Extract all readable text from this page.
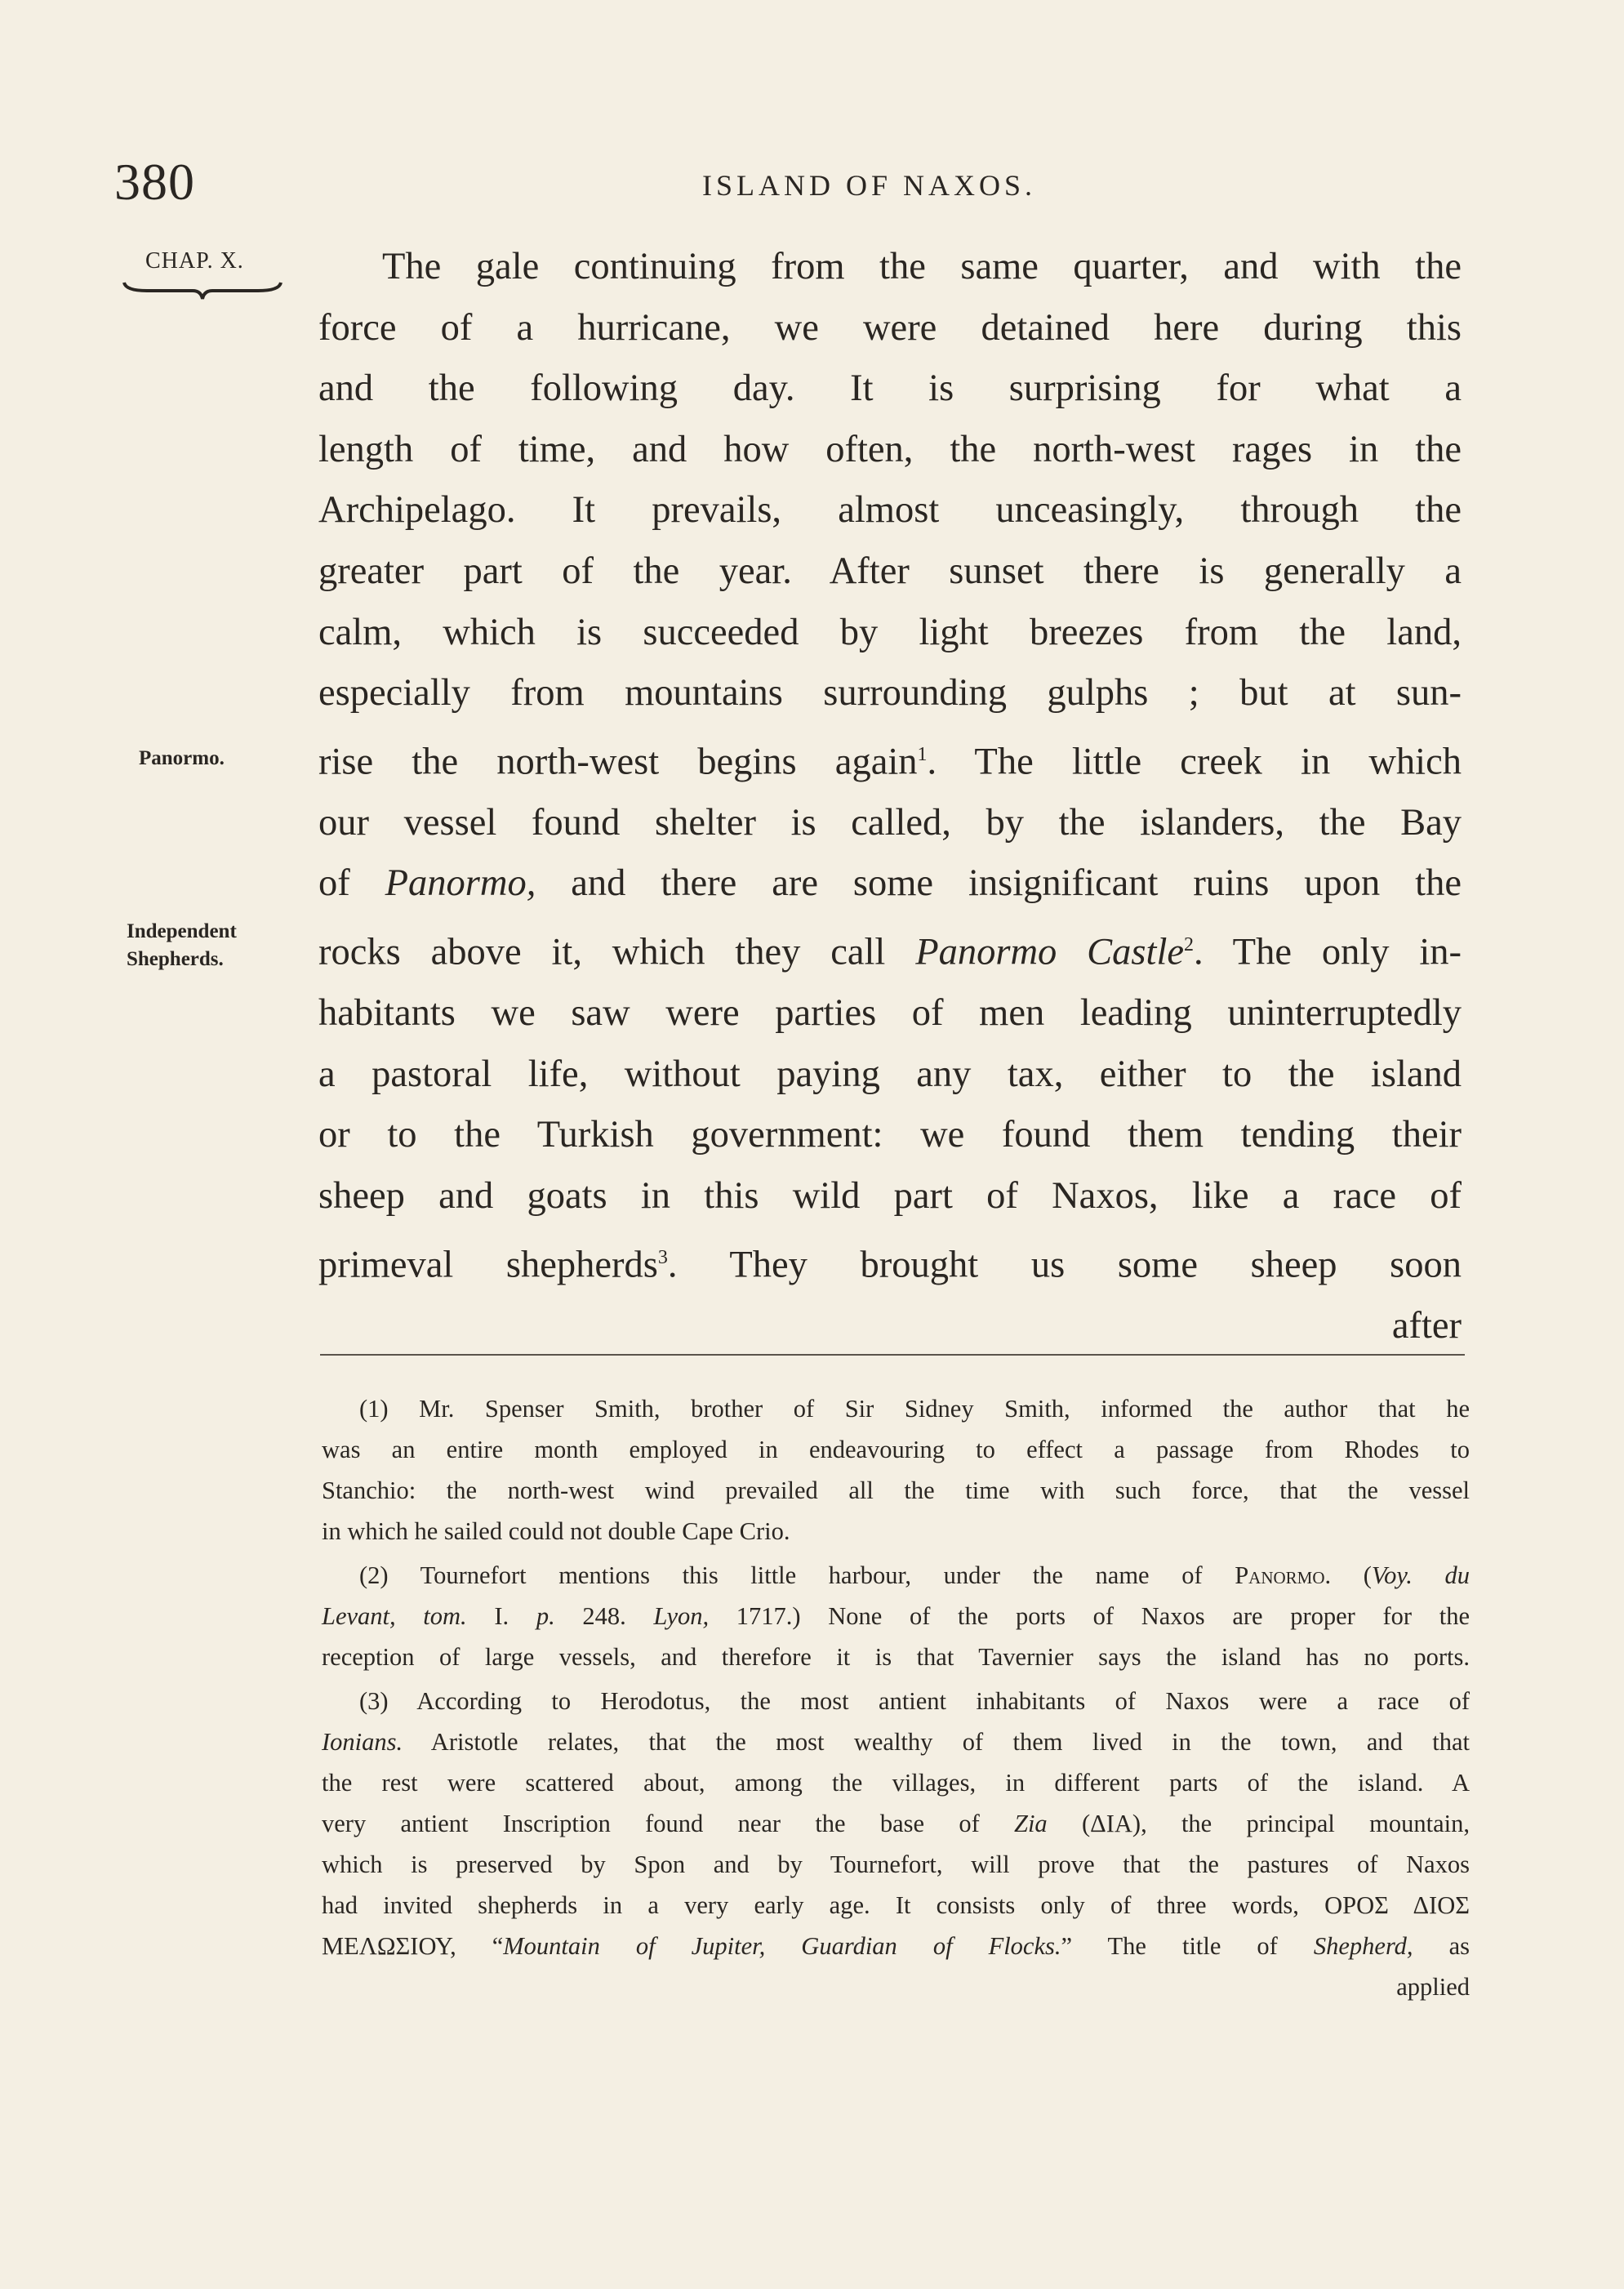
380	ISLAND OF NAXOS.
CHAP. X.
Panormo.
Independent
Shepherds.
The gale continuing from the same quarter, and with the
force of a hurricane, we were detained here during this
and the following day. It is surprising for what a
length of time, and how often, the north-west rages in the
Archipelago. It prevails, almost unceasingly, through the
greater part of the year. After sunset there is generally a
calm, which is succeeded by light breezes from the land,
especially from mountains surrounding gulphs ; but at sun-
rise the north-west begins again$^1$. The little creek in which
our vessel found shelter is called, by the islanders, the Bay
of Panormo, and there are some insignificant ruins upon the
rocks above it, which they call Panormo Castle$^2$. The only in-
habitants we saw were parties of men leading uninterruptedly
a pastoral life, without paying any tax, either to the island
or to the Turkish government: we found them tending their
sheep and goats in this wild part of Naxos, like a race of
primeval shepherds$^3$. They brought us some sheep soon
after
(1) Mr. Spenser Smith, brother of Sir Sidney Smith, informed the author that he
was an entire month employed in endeavouring to effect a passage from Rhodes to
Stanchio: the north-west wind prevailed all the time with such force, that the vessel
in which he sailed could not double Cape Crio.
(2) Tournefort mentions this little harbour, under the name of Panormo. (Voy. du
Levant, tom. I. p. 248. Lyon, 1717.) None of the ports of Naxos are proper for the
reception of large vessels, and therefore it is that Tavernier says the island has no ports.
(3) According to Herodotus, the most antient inhabitants of Naxos were a race of
Ionians. Aristotle relates, that the most wealthy of them lived in the town, and that
the rest were scattered about, among the villages, in different parts of the island. A
very antient Inscription found near the base of Zia (ΔΙΑ), the principal mountain,
which is preserved by Spon and by Tournefort, will prove that the pastures of Naxos
had invited shepherds in a very early age. It consists only of three words, ΟΡΟΣ ΔΙΟΣ
ΜΕΛΩΣΙΟΥ, “Mountain of Jupiter, Guardian of Flocks.” The title of Shepherd, as
applied
